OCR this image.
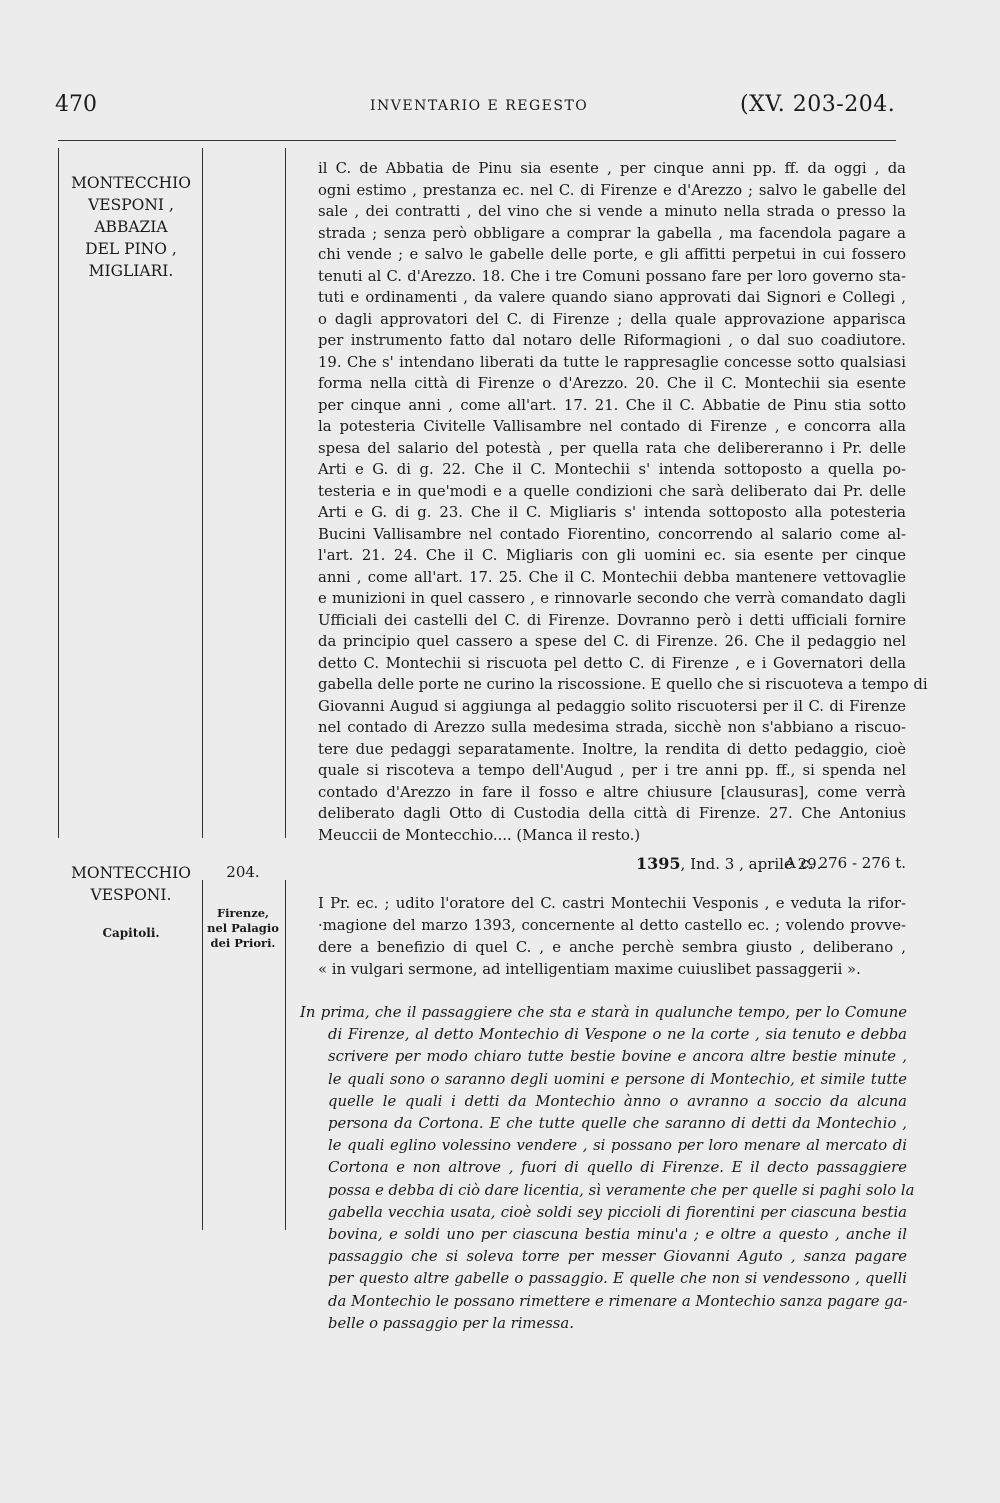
470	INVENTARIO E REGESTO	(XV. 203-204.
MONTECCHIO
VESPONI ,
ABBAZIA
DEL PINO ,
MIGLIARI.
il C. de Abbatia de Pinu sia esente , per cinque anni pp. ff. da oggi , da
ogni estimo , prestanza ec. nel C. di Firenze e d'Arezzo ; salvo le gabelle del
sale , dei contratti , del vino che si vende a minuto nella strada o presso la
strada ; senza però obbligare a comprar la gabella , ma facendola pagare a
chi vende ; e salvo le gabelle delle porte, e gli affitti perpetui in cui fossero
tenuti al C. d'Arezzo. 18. Che i tre Comuni possano fare per loro governo sta-
tuti e ordinamenti , da valere quando siano approvati dai Signori e Collegi ,
o dagli approvatori del C. di Firenze ; della quale approvazione apparisca
per instrumento fatto dal notaro delle Riformagioni , o dal suo coadiutore.
19. Che s' intendano liberati da tutte le rappresaglie concesse sotto qualsiasi
forma nella città di Firenze o d'Arezzo. 20. Che il C. Montechii sia esente
per cinque anni , come all'art. 17. 21. Che il C. Abbatie de Pinu stia sotto
la potesteria Civitelle Vallisambre nel contado di Firenze , e concorra alla
spesa del salario del potestà , per quella rata che delibereranno i Pr. delle
Arti e G. di g. 22. Che il C. Montechii s' intenda sottoposto a quella po-
testeria e in que'modi e a quelle condizioni che sarà deliberato dai Pr. delle
Arti e G. di g. 23. Che il C. Migliaris s' intenda sottoposto alla potesteria
Bucini Vallisambre nel contado Fiorentino, concorrendo al salario come al-
l'art. 21. 24. Che il C. Migliaris con gli uomini ec. sia esente per cinque
anni , come all'art. 17. 25. Che il C. Montechii debba mantenere vettovaglie
e munizioni in quel cassero , e rinnovarle secondo che verrà comandato dagli
Ufficiali dei castelli del C. di Firenze. Dovranno però i detti ufficiali fornire
da principio quel cassero a spese del C. di Firenze. 26. Che il pedaggio nel
detto C. Montechii si riscuota pel detto C. di Firenze , e i Governatori della
gabella delle porte ne curino la riscossione. E quello che si riscuoteva a tempo di
Giovanni Augud si aggiunga al pedaggio solito riscuotersi per il C. di Firenze
nel contado di Arezzo sulla medesima strada, sicchè non s'abbiano a riscuo-
tere due pedaggi separatamente. Inoltre, la rendita di detto pedaggio, cioè
quale si riscoteva a tempo dell'Augud , per i tre anni pp. ff., si spenda nel
contado d'Arezzo in fare il fosso e altre chiusure [clausuras], come verrà
deliberato dagli Otto di Custodia della città di Firenze. 27. Che Antonius
Meuccii de Montecchio.... (Manca il resto.)
MONTECCHIO
VESPONI.
Capitoli.
204.
Firenze,
nel Palagio
dei Priori.
1395, Ind. 3 , aprile 29.
A c. 276 - 276 t.
I Pr. ec. ; udito l'oratore del C. castri Montechii Vesponis , e veduta la rifor-
·magione del marzo 1393, concernente al detto castello ec. ; volendo provve-
dere a benefizio di quel C. , e anche perchè sembra giusto , deliberano ,
« in vulgari sermone, ad intelligentiam maxime cuiuslibet passaggerii ».
In prima, che il passaggiere che sta e starà in qualunche tempo, per lo Comune
di Firenze, al detto Montechio di Vespone o ne la corte , sia tenuto e debba
scrivere per modo chiaro tutte bestie bovine e ancora altre bestie minute ,
le quali sono o saranno degli uomini e persone di Montechio, et simile tutte
quelle le quali i detti da Montechio ànno o avranno a soccio da alcuna
persona da Cortona. E che tutte quelle che saranno di detti da Montechio ,
le quali eglino volessino vendere , si possano per loro menare al mercato di
Cortona e non altrove , fuori di quello di Firenze. E il decto passaggiere
possa e debba di ciò dare licentia, sì veramente che per quelle si paghi solo la
gabella vecchia usata, cioè soldi sey piccioli di fiorentini per ciascuna bestia
bovina, e soldi uno per ciascuna bestia minu'a ; e oltre a questo , anche il
passaggio che si soleva torre per messer Giovanni Aguto , sanza pagare
per questo altre gabelle o passaggio. E quelle che non si vendessono , quelli
da Montechio le possano rimettere e rimenare a Montechio sanza pagare ga-
belle o passaggio per la rimessa.
